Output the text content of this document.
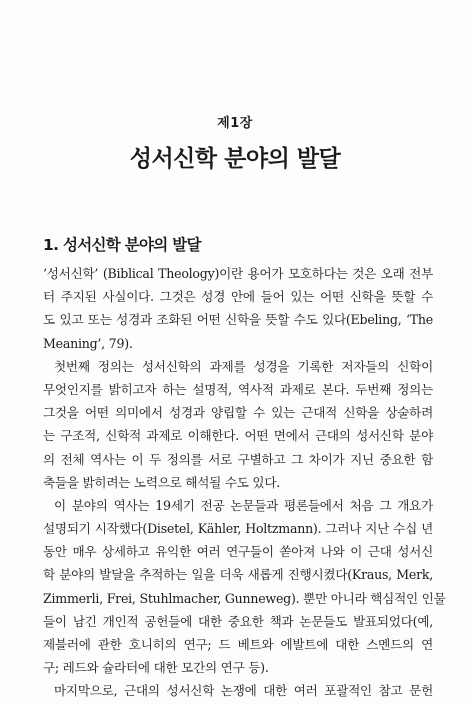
제1장
성서신학 분야의 발달
1. 성서신학 분야의 발달
‘성서신학’ (Biblical Theology)이란 용어가 모호하다는 것은 오래 전부
터 주지된 사실이다. 그것은 성경 안에 들어 있는 어떤 신학을 뜻할 수
도 있고 또는 성경과 조화된 어떤 신학을 뜻할 수도 있다(Ebeling, ‘The
Meaning’, 79).
첫번째 정의는 성서신학의 과제를 성경을 기록한 저자들의 신학이
무엇인지를 밝히고자 하는 설명적, 역사적 과제로 본다. 두번째 정의는
그것을 어떤 의미에서 성경과 양립할 수 있는 근대적 신학을 상술하려
는 구조적, 신학적 과제로 이해한다. 어떤 면에서 근대의 성서신학 분야
의 전체 역사는 이 두 정의를 서로 구별하고 그 차이가 지닌 중요한 함
축들을 밝히려는 노력으로 해석될 수도 있다.
이 분야의 역사는 19세기 전공 논문들과 평론들에서 처음 그 개요가
설명되기 시작했다(Disetel, Kähler, Holtzmann). 그러나 지난 수십 년
동안 매우 상세하고 유익한 여러 연구들이 쏟아져 나와 이 근대 성서신
학 분야의 발달을 추적하는 일을 더욱 새롭게 진행시켰다(Kraus, Merk,
Zimmerli, Frei, Stuhlmacher, Gunneweg). 뿐만 아니라 핵심적인 인물
들이 남긴 개인적 공헌들에 대한 중요한 책과 논문들도 발표되었다(예,
제블러에 관한 호니히의 연구; 드 베트와 에발트에 대한 스멘드의 연
구; 레드와 슐라터에 대한 모간의 연구 등).
마지막으로, 근대의 성서신학 논쟁에 대한 여러 포괄적인 참고 문헌
